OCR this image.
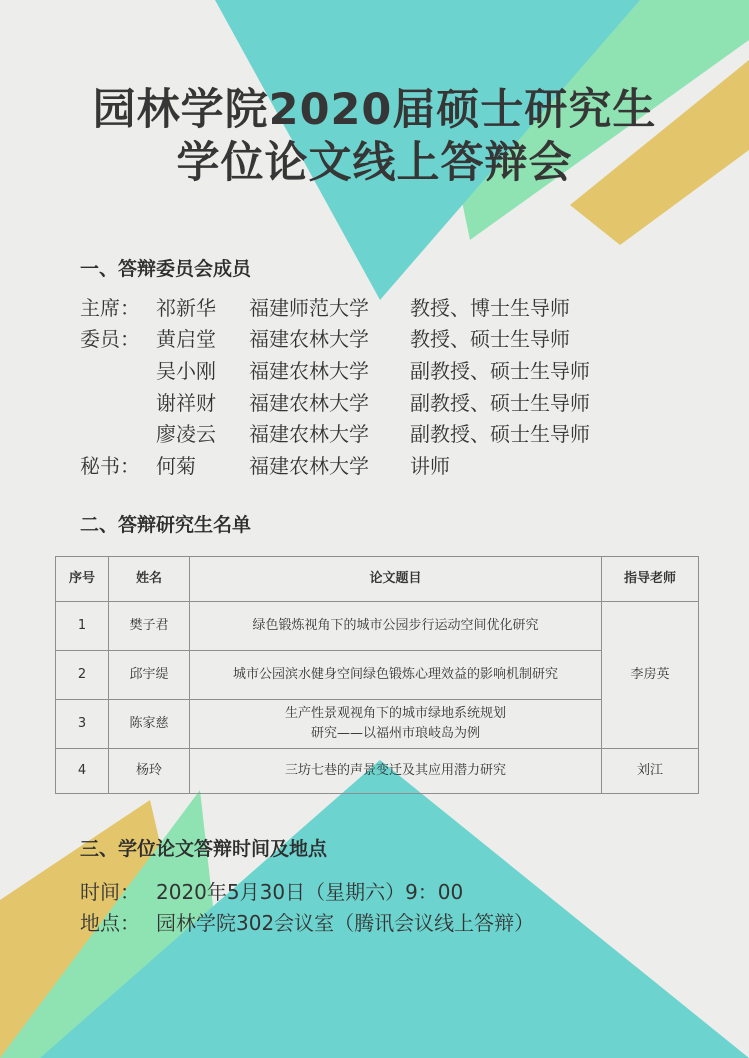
园林学院2020届硕士研究生
学位论文线上答辩会
一、答辩委员会成员
主席： 祁新华 福建师范大学 教授、博士生导师
委员： 黄启堂 福建农林大学 教授、硕士生导师
吴小刚 福建农林大学 副教授、硕士生导师
谢祥财 福建农林大学 副教授、硕士生导师
廖凌云 福建农林大学 副教授、硕士生导师
秘书： 何菊	福建农林大学 讲师
二、答辩研究生名单
序号	姓名	论文题目	指导老师
1	樊子君	绿色锻炼视角下的城市公园步行运动空间优化研究	李房英
2	邱宇缇	城市公园滨水健身空间绿色锻炼心理效益的影响机制研究	
3	陈家慈	生产性景观视角下的城市绿地系统规划
研究——以福州市琅岐岛为例	

4	杨玲	三坊七巷的声景变迁及其应用潜力研究	刘江
三、学位论文答辩时间及地点
时间： 2020年5月30日（星期六）9：00
地点： 园林学院302会议室（腾讯会议线上答辩）
